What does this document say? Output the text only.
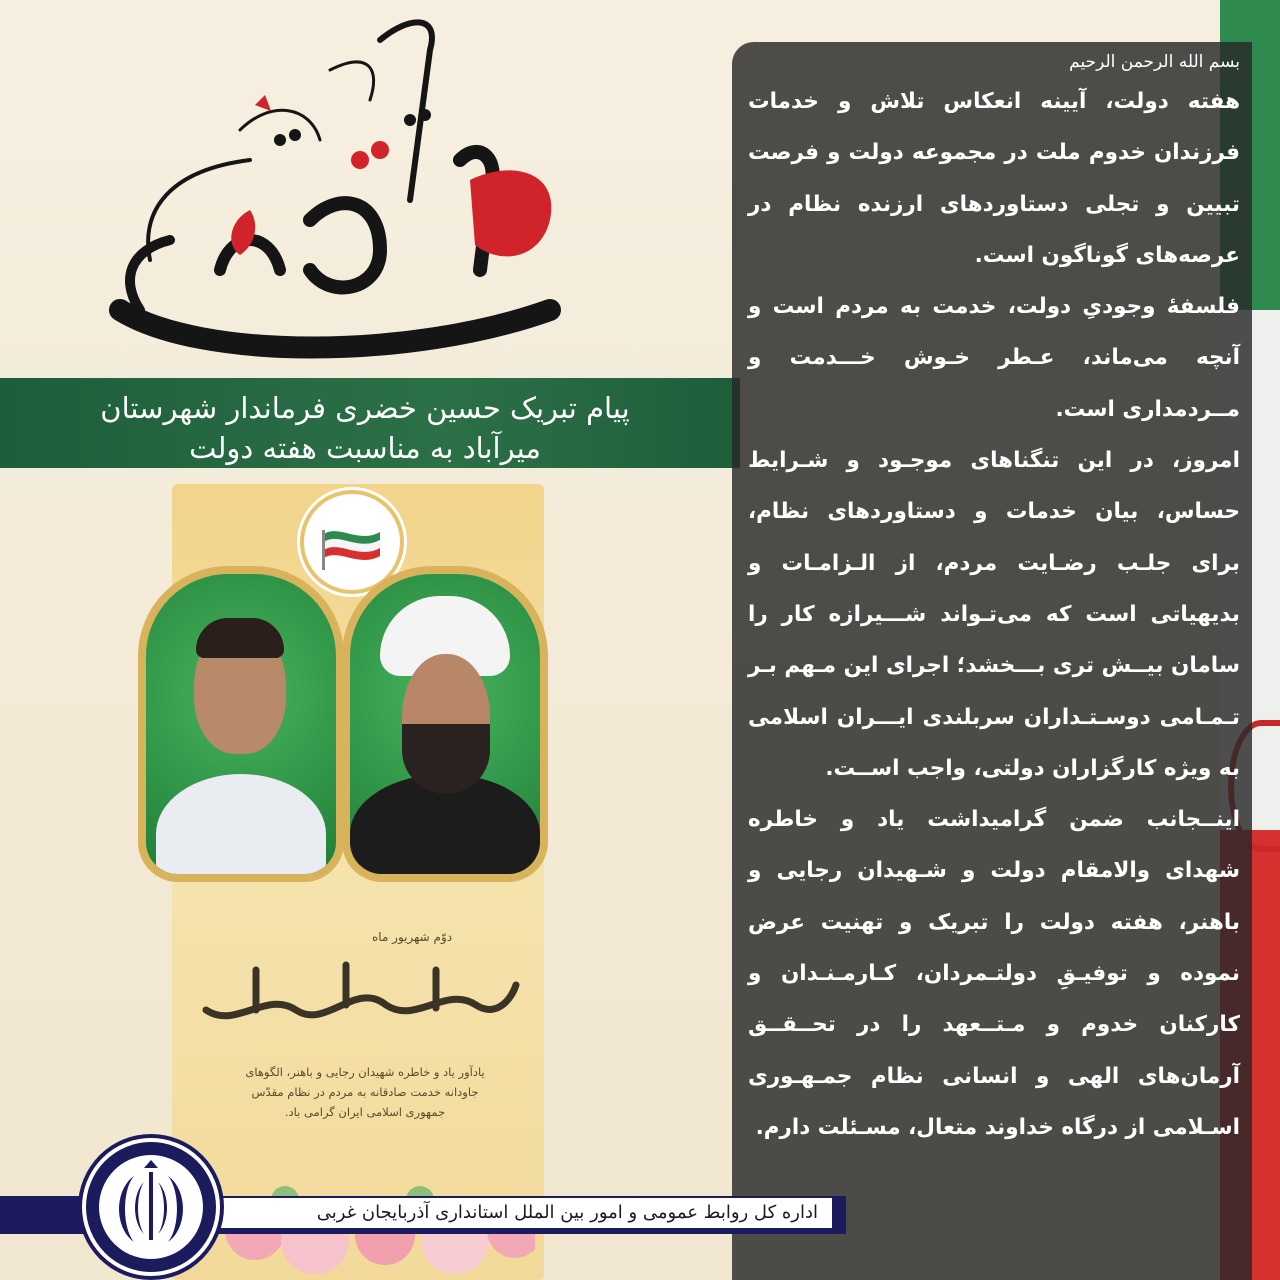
پیام تبریک حسین خضری فرماندار شهرستان
میرآباد به مناسبت هفته دولت
دوّم شهریور ماه
یادآور یاد و خاطره شهیدان رجایی و باهنر، الگوهای
جاودانه خدمت صادقانه به مردم در نظام مقدّس
جمهوری اسلامی ایران گرامی باد.
بسم الله الرحمن الرحیم

هفته دولت، آیینه انعکاس تلاش و خدمات فرزندان خدوم ملت در مجموعه دولت و فرصت تبیین و تجلی دستاوردهای ارزنده نظام در عرصه‌های گوناگون است.

فلسفهٔ وجودیِ دولت، خدمت به مردم است و آنچه می‌ماند، عـطر خـوش خـــدمت و مــردمداری است.

امروز، در این تنگناهای موجـود و شـرایط حساس، بیان خدمات و دستاوردهای نظام، برای جلـب رضـایت مردم، از الـزامـات و بدیهیاتی است که می‌تـواند شـــیرازه کار را سامان بیــش تری بـــخشد؛ اجرای این مـهم بـر تـمـامی دوسـتـداران سربلندی ایـــران اسلامی به ویژه کارگزاران دولتی، واجب اســت.

اینــجانب ضمن گرامیداشت یاد و خاطره شهدای والامقام دولت و شـهیدان رجایی و باهنر، هفته دولت را تبریک و تهنیت عرض نموده و توفیـقِ دولتـمردان، کـارمـنـدان و کارکنان خدوم و مـتــعهد را در تحــقــق آرمان‌های الهی و انسانی نظام جمـهـوری اسـلامی از درگاه خداوند متعال، مسـئلت دارم.

اداره کل روابط عمومی و امور بین الملل استانداری آذربایجان غربی
